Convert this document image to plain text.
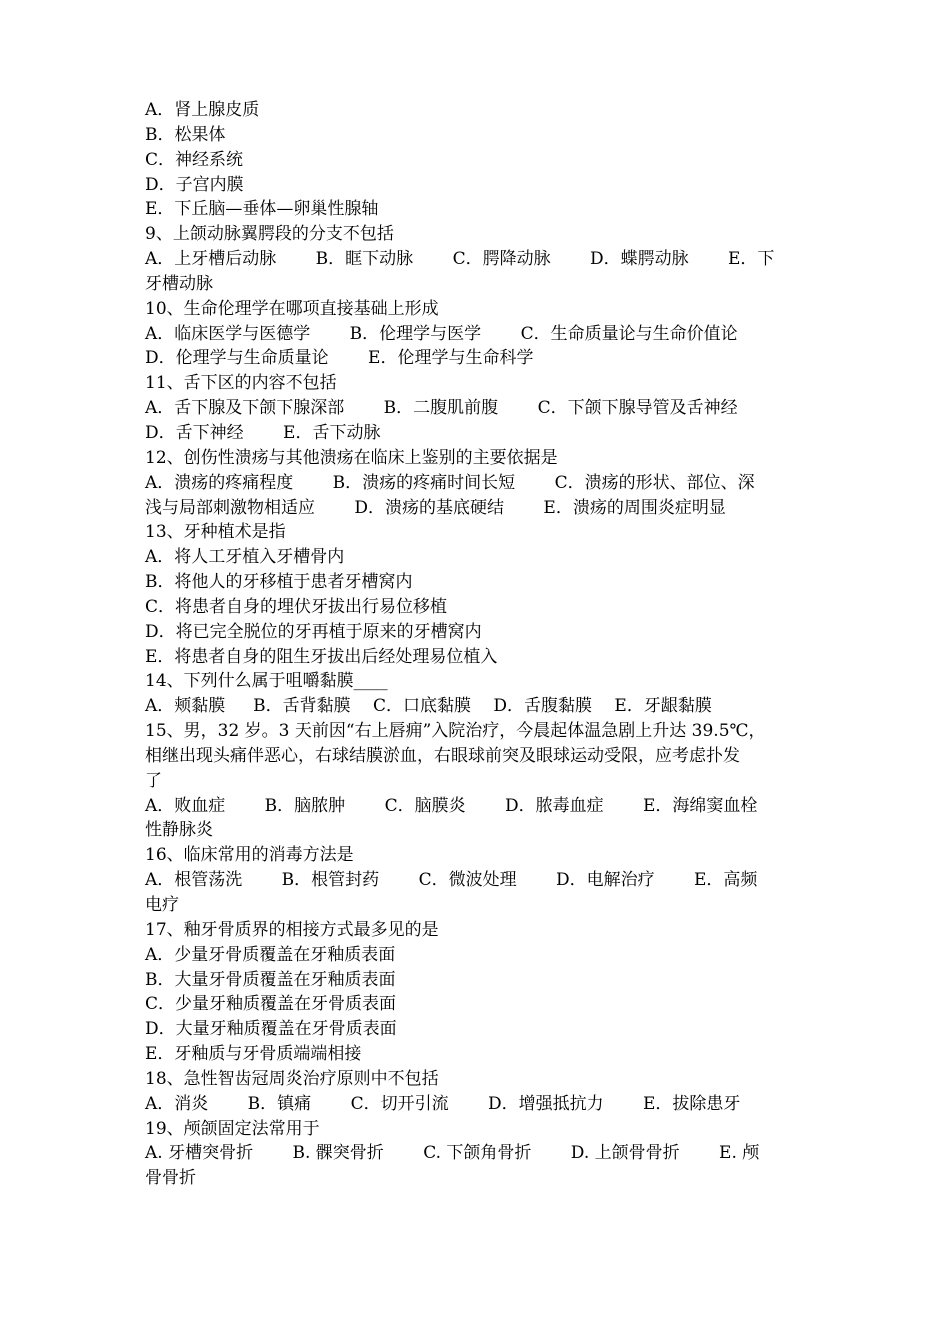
A．肾上腺皮质
B．松果体
C．神经系统
D．子宫内膜
E．下丘脑—垂体—卵巢性腺轴
9、上颌动脉翼腭段的分支不包括
A．上牙槽后动脉 　　B．眶下动脉 　　C．腭降动脉 　　D．蝶腭动脉 　　E．下
牙槽动脉
10、生命伦理学在哪项直接基础上形成
A．临床医学与医德学 　　B．伦理学与医学 　　C．生命质量论与生命价值论
D．伦理学与生命质量论 　　E．伦理学与生命科学
11、舌下区的内容不包括
A．舌下腺及下颌下腺深部 　　B．二腹肌前腹 　　C．下颌下腺导管及舌神经
D．舌下神经 　　E．舌下动脉
12、创伤性溃疡与其他溃疡在临床上鉴别的主要依据是
A．溃疡的疼痛程度 　　B．溃疡的疼痛时间长短 　　C．溃疡的形状、部位、深
浅与局部刺激物相适应 　　D．溃疡的基底硬结 　　E．溃疡的周围炎症明显
13、牙种植术是指
A．将人工牙植入牙槽骨内
B．将他人的牙移植于患者牙槽窝内
C．将患者自身的埋伏牙拔出行易位移植
D．将已完全脱位的牙再植于原来的牙槽窝内
E．将患者自身的阻生牙拔出后经处理易位植入
14、下列什么属于咀嚼黏膜____
A．颊黏膜 　 B．舌背黏膜 　C．口底黏膜 　D．舌腹黏膜 　E．牙龈黏膜
15、男，32 岁。3 天前因“右上唇痈”入院治疗，今晨起体温急剧上升达 39.5℃，
相继出现头痛伴恶心，右球结膜淤血，右眼球前突及眼球运动受限，应考虑扑发
了
A．败血症 　　B．脑脓肿 　　C．脑膜炎 　　D．脓毒血症 　　E．海绵窦血栓
性静脉炎
16、临床常用的消毒方法是
A．根管荡洗 　　B．根管封药 　　C．微波处理 　　D．电解治疗 　　E．高频
电疗
17、釉牙骨质界的相接方式最多见的是
A．少量牙骨质覆盖在牙釉质表面
B．大量牙骨质覆盖在牙釉质表面
C．少量牙釉质覆盖在牙骨质表面
D．大量牙釉质覆盖在牙骨质表面
E．牙釉质与牙骨质端端相接
18、急性智齿冠周炎治疗原则中不包括
A．消炎 　　B．镇痛 　　C．切开引流 　　D．增强抵抗力 　　E．拔除患牙
19、颅颌固定法常用于
A. 牙槽突骨折 　　B. 髁突骨折 　　C. 下颌角骨折 　　D. 上颌骨骨折 　　E. 颅
骨骨折
